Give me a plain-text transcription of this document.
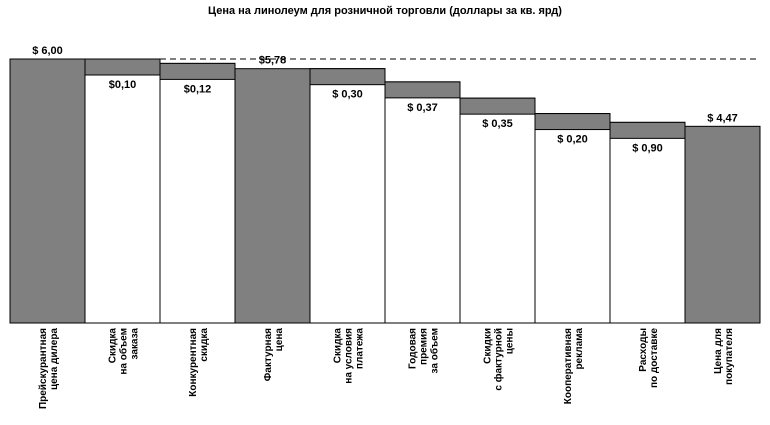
Цена на линолеум для розничной торговли (доллары за кв. ярд)
$ 6,00
Прейскурантная цена дилера
$0,10
Скидка на объем заказа
$0,12
Конкурентная скидка
$5,78
Фактурная цена
$ 0,30
Скидка на условия платежа
$ 0,37
Годовая премия за объем
$ 0,35
Скидки с фактурной цены
$ 0,20
Кооперативная реклама
$ 0,90
Расходы по доставке
$ 4,47
Цена для покупателя
